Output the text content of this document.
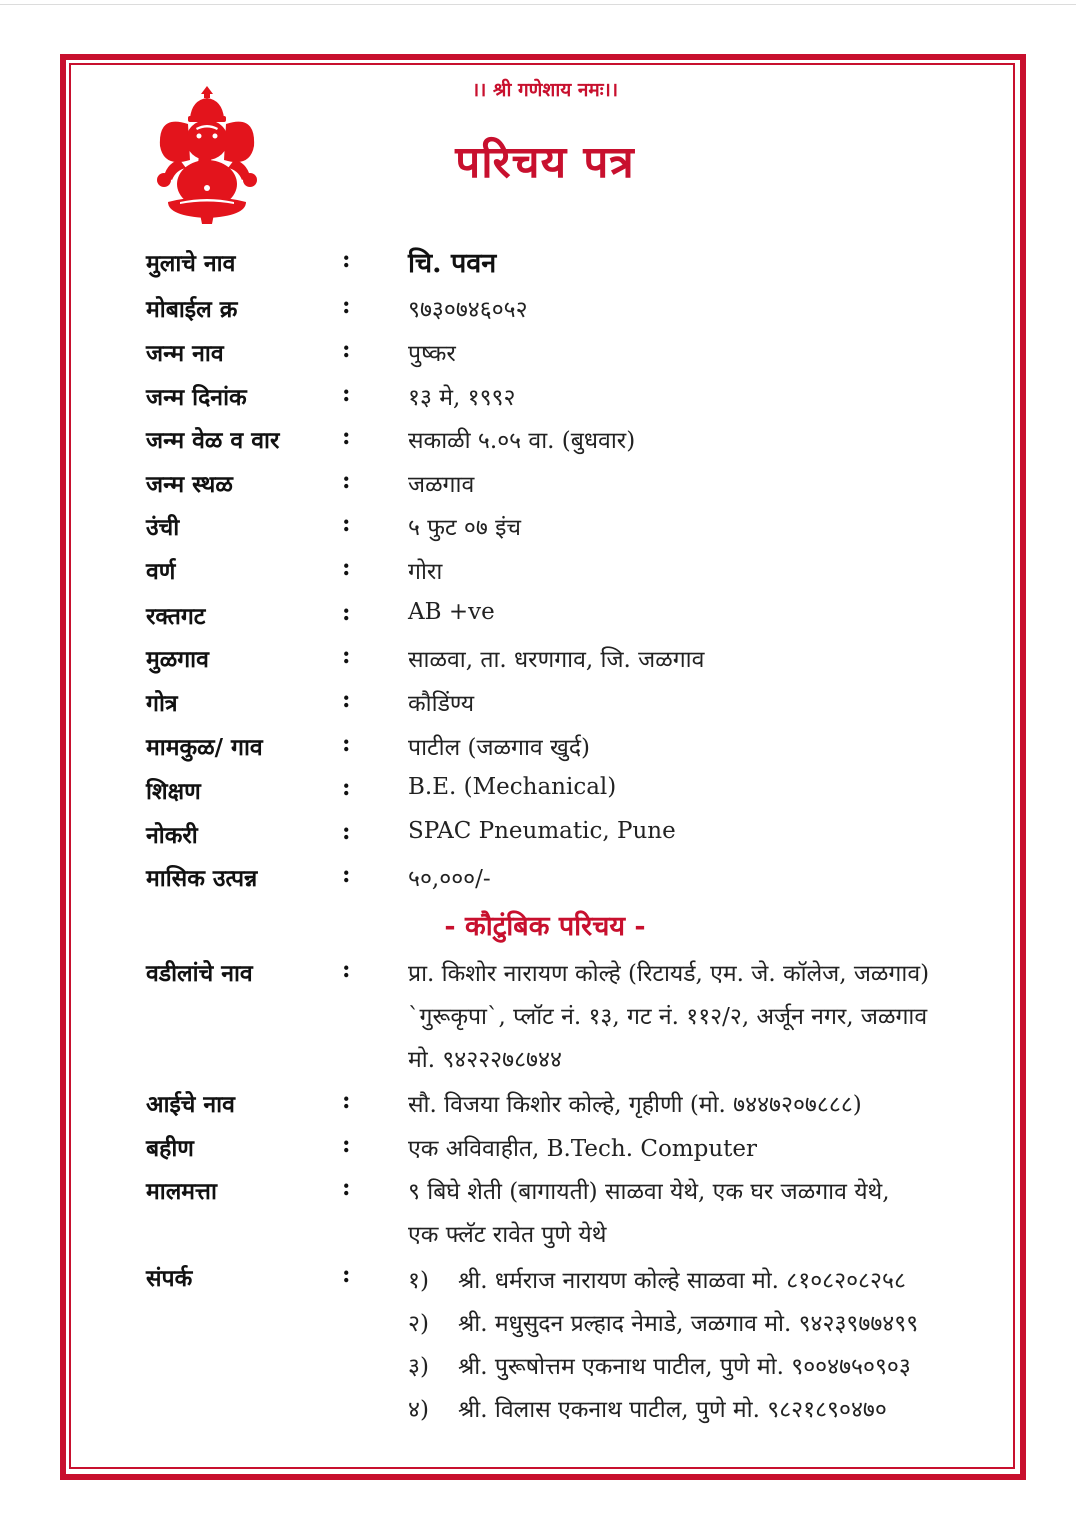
।। श्री गणेशाय नमः।।
परिचय पत्र
मुलाचे नाव	: चि. पवन
मोबाईल क्र	:	९७३०७४६०५२
जन्म नाव	:	पुष्कर
जन्म दिनांक	:	१३ मे, १९९२
जन्म वेळ व वार	:	सकाळी ५.०५ वा. (बुधवार)
जन्म स्थळ	:	जळगाव
उंची	:	५ फुट ०७ इंच
वर्ण	:	गोरा
रक्तगट	:	AB +ve
मुळगाव	:	साळवा, ता. धरणगाव, जि. जळगाव
गोत्र	:	कौडिंण्य
मामकुळ/ गाव	:	पाटील (जळगाव खुर्द)
शिक्षण	:	B.E. (Mechanical)
नोकरी	:	SPAC Pneumatic, Pune
मासिक उत्पन्न	:	५०,०००/-
- कौटुंबिक परिचय -
वडीलांचे नाव	:	प्रा. किशोर नारायण कोल्हे (रिटायर्ड, एम. जे. कॉलेज, जळगाव)
`गुरूकृपा`, प्लॉट नं. १३, गट नं. ११२/२, अर्जून नगर, जळगाव
मो. ९४२२२७८७४४
आईचे नाव	:	सौ. विजया किशोर कोल्हे, गृहीणी (मो. ७४४७२०७८८८)
बहीण	:	एक अविवाहीत, B.Tech. Computer
मालमत्ता	:	९ बिघे शेती (बागायती) साळवा येथे, एक घर जळगाव येथे,
एक फ्लॅट रावेत पुणे येथे
संपर्क	:	१) श्री. धर्मराज नारायण कोल्हे साळवा मो. ८१०८२०८२५८
२) श्री. मधुसुदन प्रल्हाद नेमाडे, जळगाव मो. ९४२३९७७४९९
३) श्री. पुरूषोत्तम एकनाथ पाटील, पुणे मो. ९००४७५०९०३
४) श्री. विलास एकनाथ पाटील, पुणे मो. ९८२१८९०४७०
